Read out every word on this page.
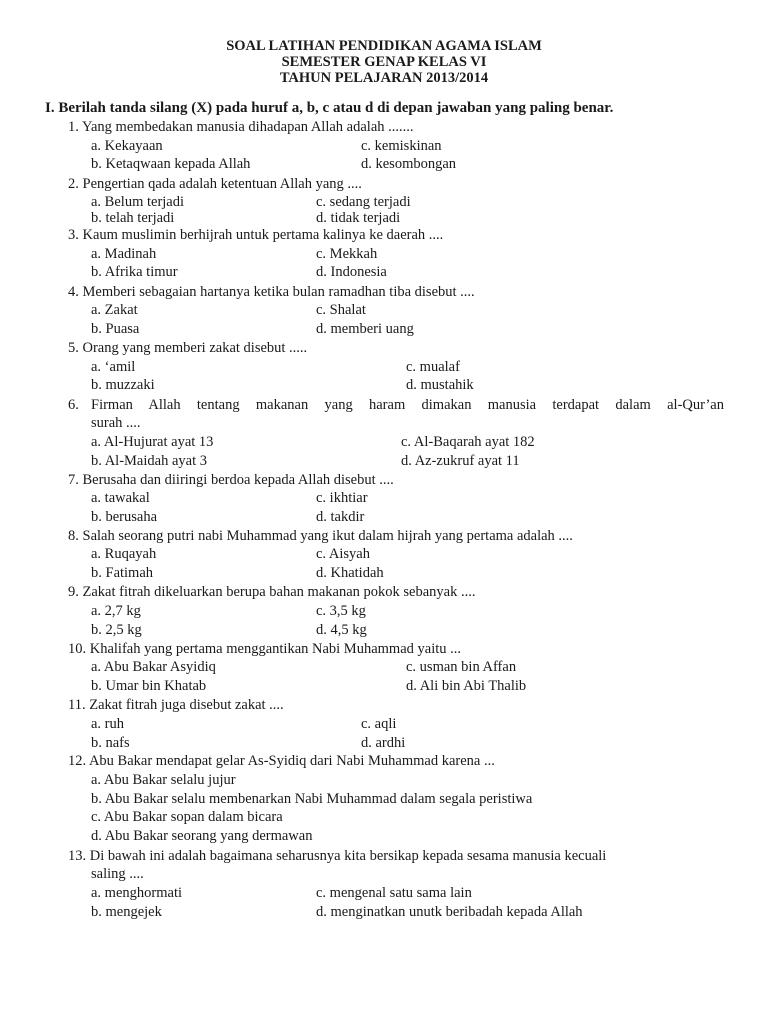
SOAL LATIHAN PENDIDIKAN AGAMA ISLAM
SEMESTER GENAP KELAS VI
TAHUN PELAJARAN 2013/2014
I. Berilah tanda silang (X) pada huruf a, b, c atau d di depan jawaban yang paling benar.
1. Yang membedakan manusia dihadapan Allah adalah .......
a. Kekayaan	c. kemiskinan
b. Ketaqwaan kepada Allah	d. kesombongan
2. Pengertian qada adalah ketentuan Allah yang ....
a. Belum terjadi	c. sedang terjadi
b. telah terjadi	d. tidak terjadi
3. Kaum muslimin berhijrah untuk pertama kalinya ke daerah ....
a. Madinah	c. Mekkah
b. Afrika timur	d. Indonesia
4. Memberi sebagaian hartanya ketika bulan ramadhan tiba disebut ....
a. Zakat	c. Shalat
b. Puasa	d. memberi uang
5. Orang yang memberi zakat disebut .....
a. ‘amil	c. mualaf
b. muzzaki	d. mustahik
6. Firman Allah tentang makanan yang haram dimakan manusia terdapat dalam al-Qur’an
surah ....
a. Al-Hujurat ayat 13	c. Al-Baqarah ayat 182
b. Al-Maidah ayat 3	d. Az-zukruf ayat 11
7. Berusaha dan diiringi berdoa kepada Allah disebut ....
a. tawakal	c. ikhtiar
b. berusaha	d. takdir
8. Salah seorang putri nabi Muhammad yang ikut dalam hijrah yang pertama adalah ....
a. Ruqayah	c. Aisyah
b. Fatimah	d. Khatidah
9. Zakat fitrah dikeluarkan berupa bahan makanan pokok sebanyak ....
a. 2,7 kg	c. 3,5 kg
b. 2,5 kg	d. 4,5 kg
10. Khalifah yang pertama menggantikan Nabi Muhammad yaitu ...
a. Abu Bakar Asyidiq	c. usman bin Affan
b. Umar bin Khatab	d. Ali bin Abi Thalib
11. Zakat fitrah juga disebut zakat ....
a. ruh	c. aqli
b. nafs	d. ardhi
12. Abu Bakar mendapat gelar As-Syidiq dari Nabi Muhammad karena ...
a. Abu Bakar selalu jujur
b. Abu Bakar selalu membenarkan Nabi Muhammad dalam segala peristiwa
c. Abu Bakar sopan dalam bicara
d. Abu Bakar seorang yang dermawan
13. Di bawah ini adalah bagaimana seharusnya kita bersikap kepada sesama manusia kecuali
saling ....
a. menghormati	c. mengenal satu sama lain
b. mengejek	d. menginatkan unutk beribadah kepada Allah
